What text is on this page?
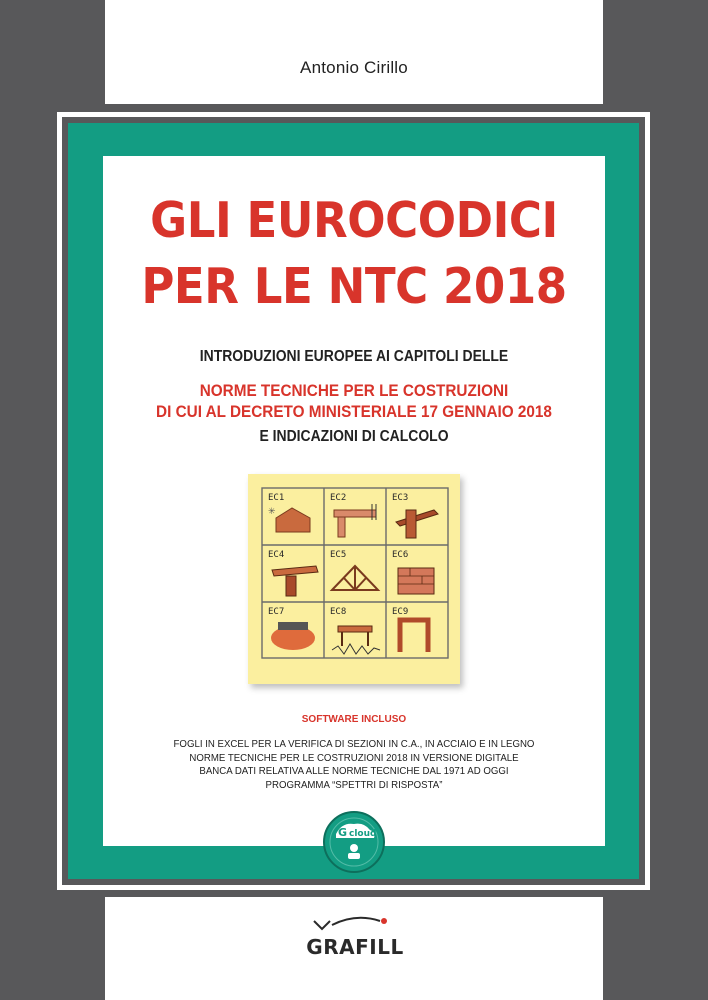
Antonio Cirillo
GLI EUROCODICI
PER LE NTC 2018
INTRODUZIONI EUROPEE AI CAPITOLI DELLE
NORME TECNICHE PER LE COSTRUZIONI
DI CUI AL DECRETO MINISTERIALE 17 GENNAIO 2018
E INDICAZIONI DI CALCOLO
EC1	EC2	EC3
EC4	EC5	EC6
EC7	EC8	EC9
✳
SOFTWARE INCLUSO
FOGLI IN EXCEL PER LA VERIFICA DI SEZIONI IN C.A., IN ACCIAIO E IN LEGNO
NORME TECNICHE PER LE COSTRUZIONI 2018 IN VERSIONE DIGITALE
BANCA DATI RELATIVA ALLE NORME TECNICHE DAL 1971 AD OGGI
PROGRAMMA “SPETTRI DI RISPOSTA”
G cloud
GRAFILL
